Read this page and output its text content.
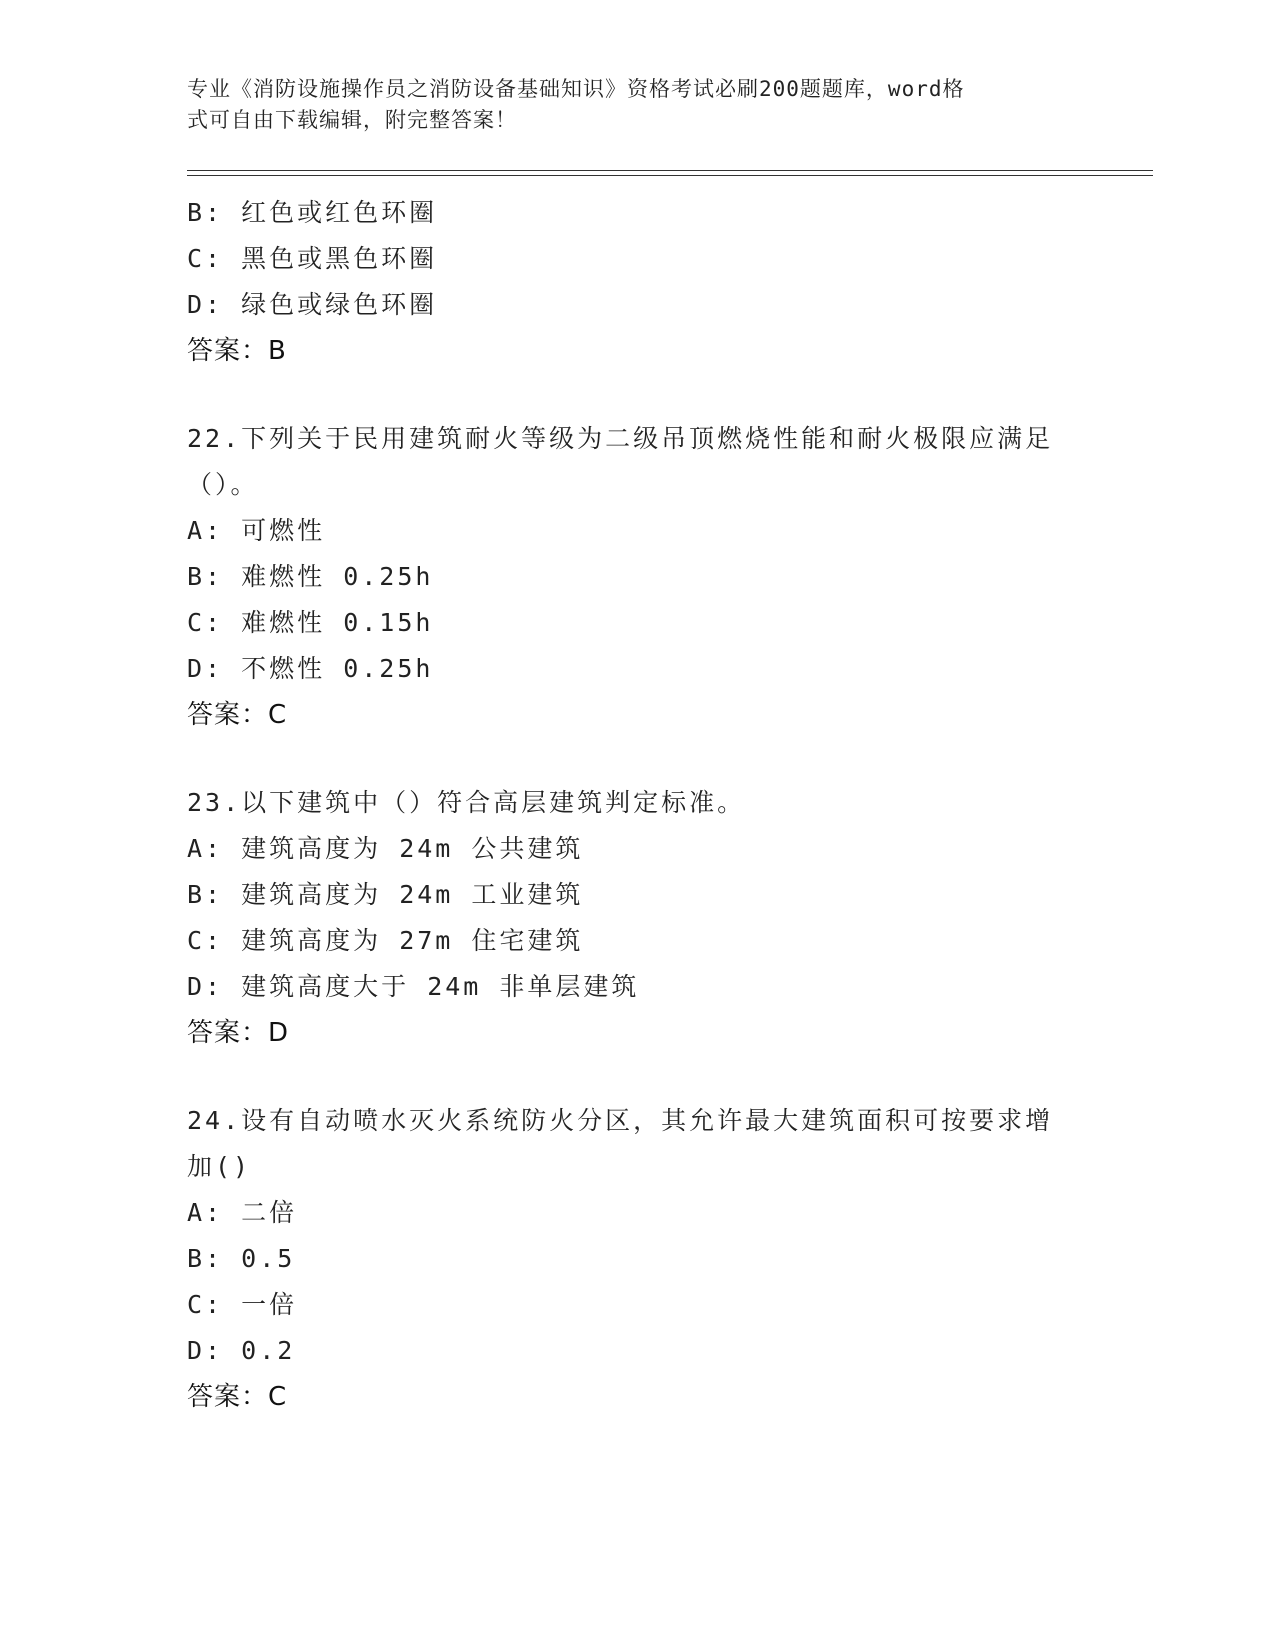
专业《消防设施操作员之消防设备基础知识》资格考试必刷200题题库，word格
式可自由下载编辑，附完整答案！
B: 红色或红色环圈
C: 黑色或黑色环圈
D: 绿色或绿色环圈
答案：B
22.下列关于民用建筑耐火等级为二级吊顶燃烧性能和耐火极限应满足
（）。
A: 可燃性
B: 难燃性 0.25h
C: 难燃性 0.15h
D: 不燃性 0.25h
答案：C
23.以下建筑中（）符合高层建筑判定标准。
A: 建筑高度为 24m 公共建筑
B: 建筑高度为 24m 工业建筑
C: 建筑高度为 27m 住宅建筑
D: 建筑高度大于 24m 非单层建筑
答案：D
24.设有自动喷水灭火系统防火分区，其允许最大建筑面积可按要求增
加()
A: 二倍
B: 0.5
C: 一倍
D: 0.2
答案：C
